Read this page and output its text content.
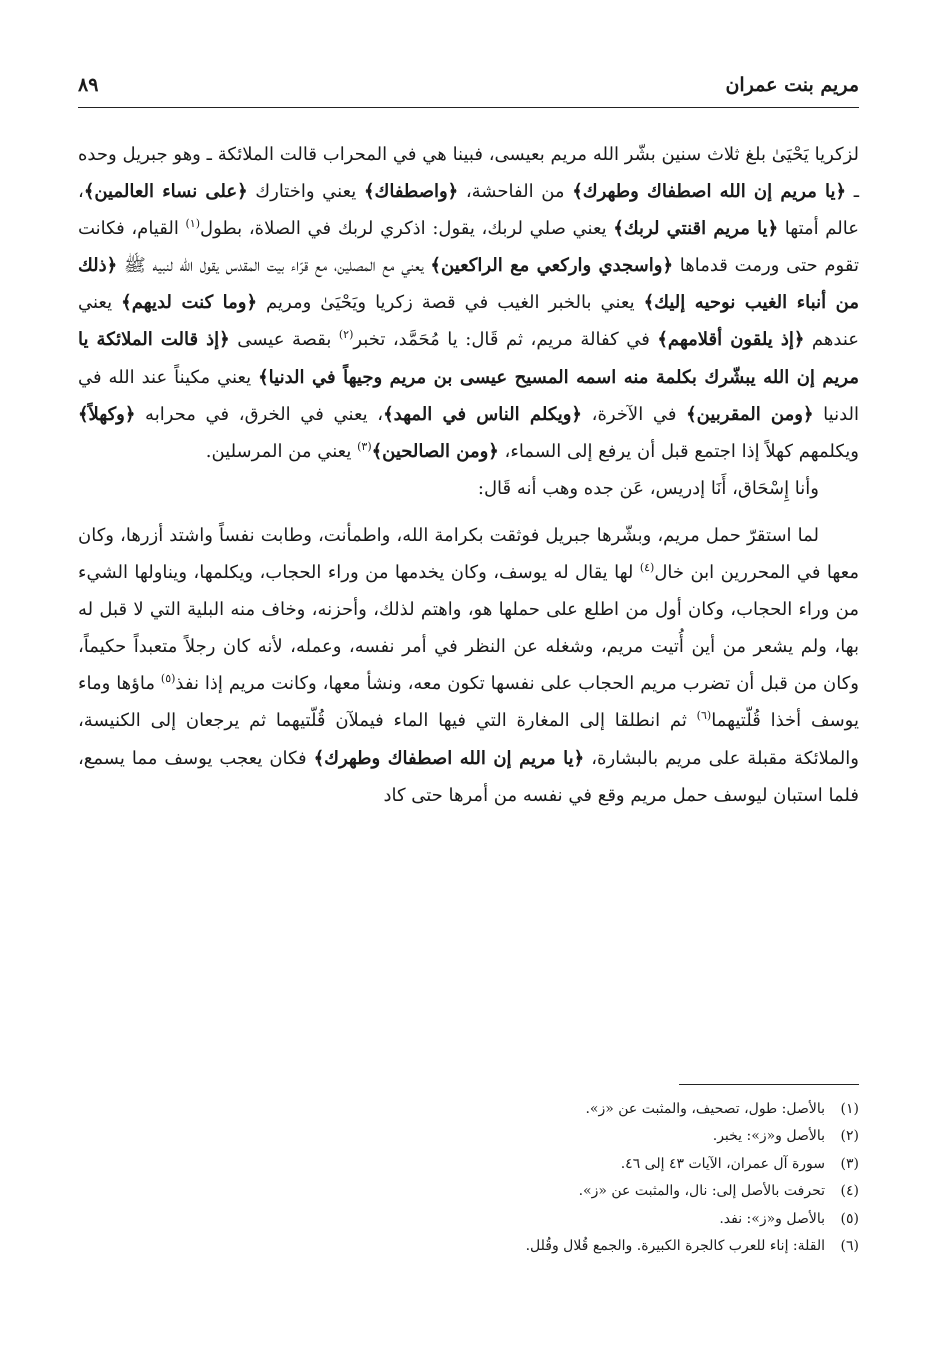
مريم بنت عمران
٨٩

لزكريا يَحْيَىٰ بلغ ثلاث سنين بشّر الله مريم بعيسى، فبينا هي في المحراب قالت الملائكة ـ وهو جبريل وحده ـ ﴿يا مريم إن الله اصطفاك وطهرك﴾ من الفاحشة، ﴿واصطفاك﴾ يعني واختارك ﴿على نساء العالمين﴾، عالم أمتها ﴿يا مريم اقنتي لربك﴾ يعني صلي لربك، يقول: اذكري لربك في الصلاة، بطول$^{(١)}$ القيام، فكانت تقوم حتى ورمت قدماها ﴿واسجدي واركعي مع الراكعين﴾ يعني مع المصلين، مع قرّاء بيت المقدس يقول الله لنبيه ﷺ ﴿ذلك من أنباء الغيب نوحيه إليك﴾ يعني بالخبر الغيب في قصة زكريا ويَحْيَىٰ ومريم ﴿وما كنت لديهم﴾ يعني عندهم ﴿إذ يلقون أقلامهم﴾ في كفالة مريم، ثم قَال: يا مُحَمَّد، تخبر$^{(٢)}$ بقصة عيسى ﴿إذ قالت الملائكة يا مريم إن الله يبشّرك بكلمة منه اسمه المسيح عيسى بن مريم وجيهاً في الدنيا﴾ يعني مكيناً عند الله في الدنيا ﴿ومن المقربين﴾ في الآخرة، ﴿ويكلم الناس في المهد﴾، يعني في الخرق، في محرابه ﴿وكهلاً﴾ ويكلمهم كهلاً إذا اجتمع قبل أن يرفع إلى السماء، ﴿ومن الصالحين﴾$^{(٣)}$ يعني من المرسلين.

وأنا إِسْحَاق، أَنَا إدريس، عَن جده وهب أنه قَال:

لما استقرّ حمل مريم، وبشّرها جبريل فوثقت بكرامة الله، واطمأنت، وطابت نفساً واشتد أزرها، وكان معها في المحررين ابن خال$^{(٤)}$ لها يقال له يوسف، وكان يخدمها من وراء الحجاب، ويكلمها، ويناولها الشيء من وراء الحجاب، وكان أول من اطلع على حملها هو، واهتم لذلك، وأحزنه، وخاف منه البلية التي لا قبل له بها، ولم يشعر من أين أُتيت مريم، وشغله عن النظر في أمر نفسه، وعمله، لأنه كان رجلاً متعبداً حكيماً، وكان من قبل أن تضرب مريم الحجاب على نفسها تكون معه، ونشأ معها، وكانت مريم إذا نفذ$^{(٥)}$ ماؤها وماء يوسف أخذا قُلّتيهما$^{(٦)}$ ثم انطلقا إلى المغارة التي فيها الماء فيملآن قُلّتيهما ثم يرجعان إلى الكنيسة، والملائكة مقبلة على مريم بالبشارة، ﴿يا مريم إن الله اصطفاك وطهرك﴾ فكان يعجب يوسف مما يسمع، فلما استبان ليوسف حمل مريم وقع في نفسه من أمرها حتى كاد

(١)
بالأصل: طول، تصحيف، والمثبت عن «ز».
(٢)
بالأصل و«ز»: يخبر.
(٣)
سورة آل عمران، الآيات ٤٣ إلى ٤٦.
(٤)
تحرفت بالأصل إلى: نال، والمثبت عن «ز».
(٥)
بالأصل و«ز»: نفد.
(٦)
القلة: إناء للعرب كالجرة الكبيرة. والجمع قُلال وقُلل.
